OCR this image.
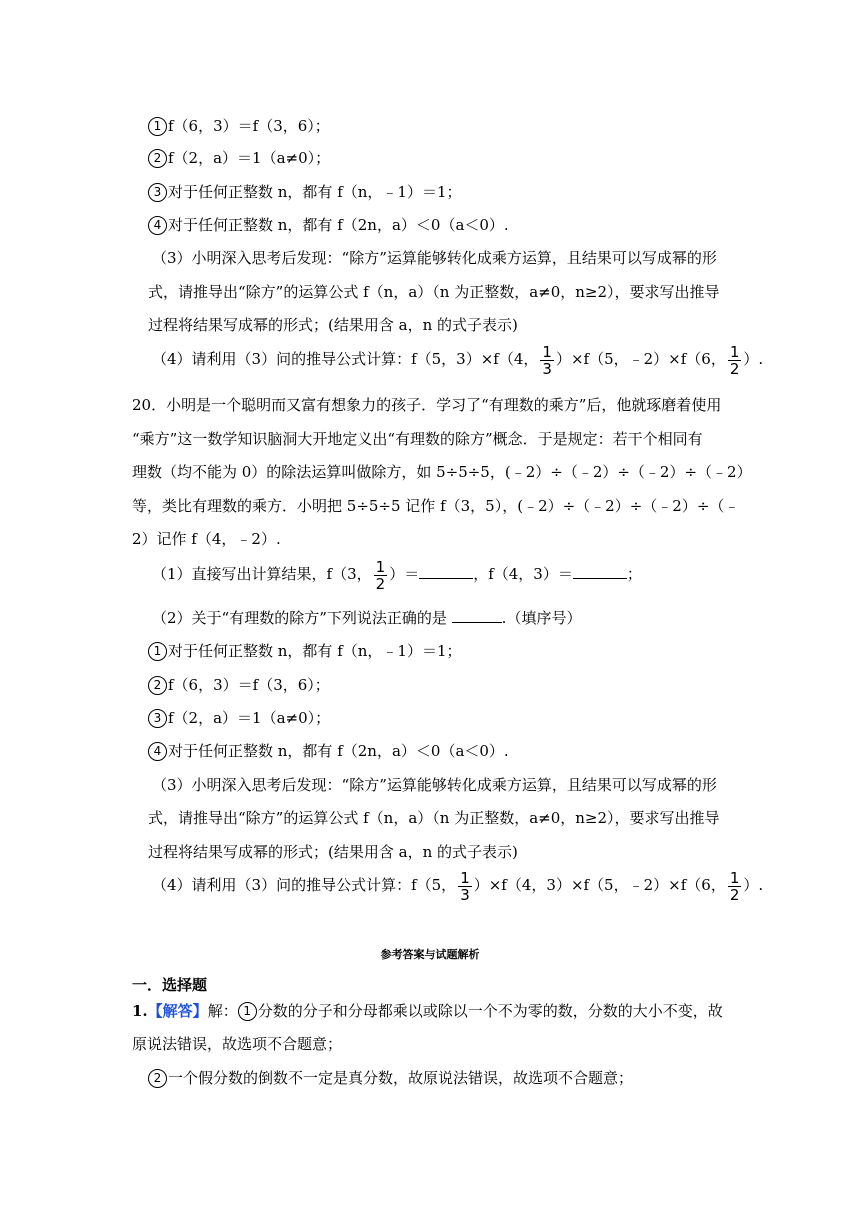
1 f（6，3）＝f（3，6）；
2 f（2，a）＝1（a≠0）；
3 对于任何正整数 n，都有 f（n，﹣1）＝1；
4 对于任何正整数 n，都有 f（2n，a）＜0（a＜0）.
（3）小明深入思考后发现：“除方”运算能够转化成乘方运算，且结果可以写成幂的形
式，请推导出“除方”的运算公式 f（n，a）（n 为正整数，a≠0，n≥2），要求写出推导
过程将结果写成幂的形式；(结果用含 a，n 的式子表示)
（4）请利用（3）问的推导公式计算：f（5，3）×f（4， $\frac{1}{3} )\times f(5$，﹣2）×f（6， $\frac{1}{2}$ ）.
20．小明是一个聪明而又富有想象力的孩子．学习了“有理数的乘方”后，他就琢磨着使用
“乘方”这一数学知识脑洞大开地定义出“有理数的除方”概念．于是规定：若干个相同有
理数（均不能为 0）的除法运算叫做除方，如 5÷5÷5，(﹣2）÷（﹣2）÷（﹣2）÷（﹣2）
等，类比有理数的乘方．小明把 5÷5÷5 记作 f（3，5），(﹣2）÷（﹣2）÷（﹣2）÷（﹣
2）记作 f（4，﹣2）.
（1）直接写出计算结果，f（3， $\frac{1}{2}$ ）＝	，f（4，3）＝	；
（2）关于“有理数的除方”下列说法正确的是	.（填序号）
1 对于任何正整数 n，都有 f（n，﹣1）＝1；
2 f（6，3）＝f（3，6）；
3 f（2，a）＝1（a≠0）；
4 对于任何正整数 n，都有 f（2n，a）＜0（a＜0）.
（3）小明深入思考后发现：“除方”运算能够转化成乘方运算，且结果可以写成幂的形
式，请推导出“除方”的运算公式 f（n，a）（n 为正整数，a≠0，n≥2），要求写出推导
过程将结果写成幂的形式；(结果用含 a，n 的式子表示)
（4）请利用（3）问的推导公式计算：f（5， $\frac{1}{3} )\times f(4$，3）×f（5，﹣2）×f（6， $\frac{1}{2}$ ）.
参考答案与试题解析
一．选择题
1.【解答】解： 1 分数的分子和分母都乘以或除以一个不为零的数，分数的大小不变，故
原说法错误，故选项不合题意；
2 一个假分数的倒数不一定是真分数，故原说法错误，故选项不合题意；
